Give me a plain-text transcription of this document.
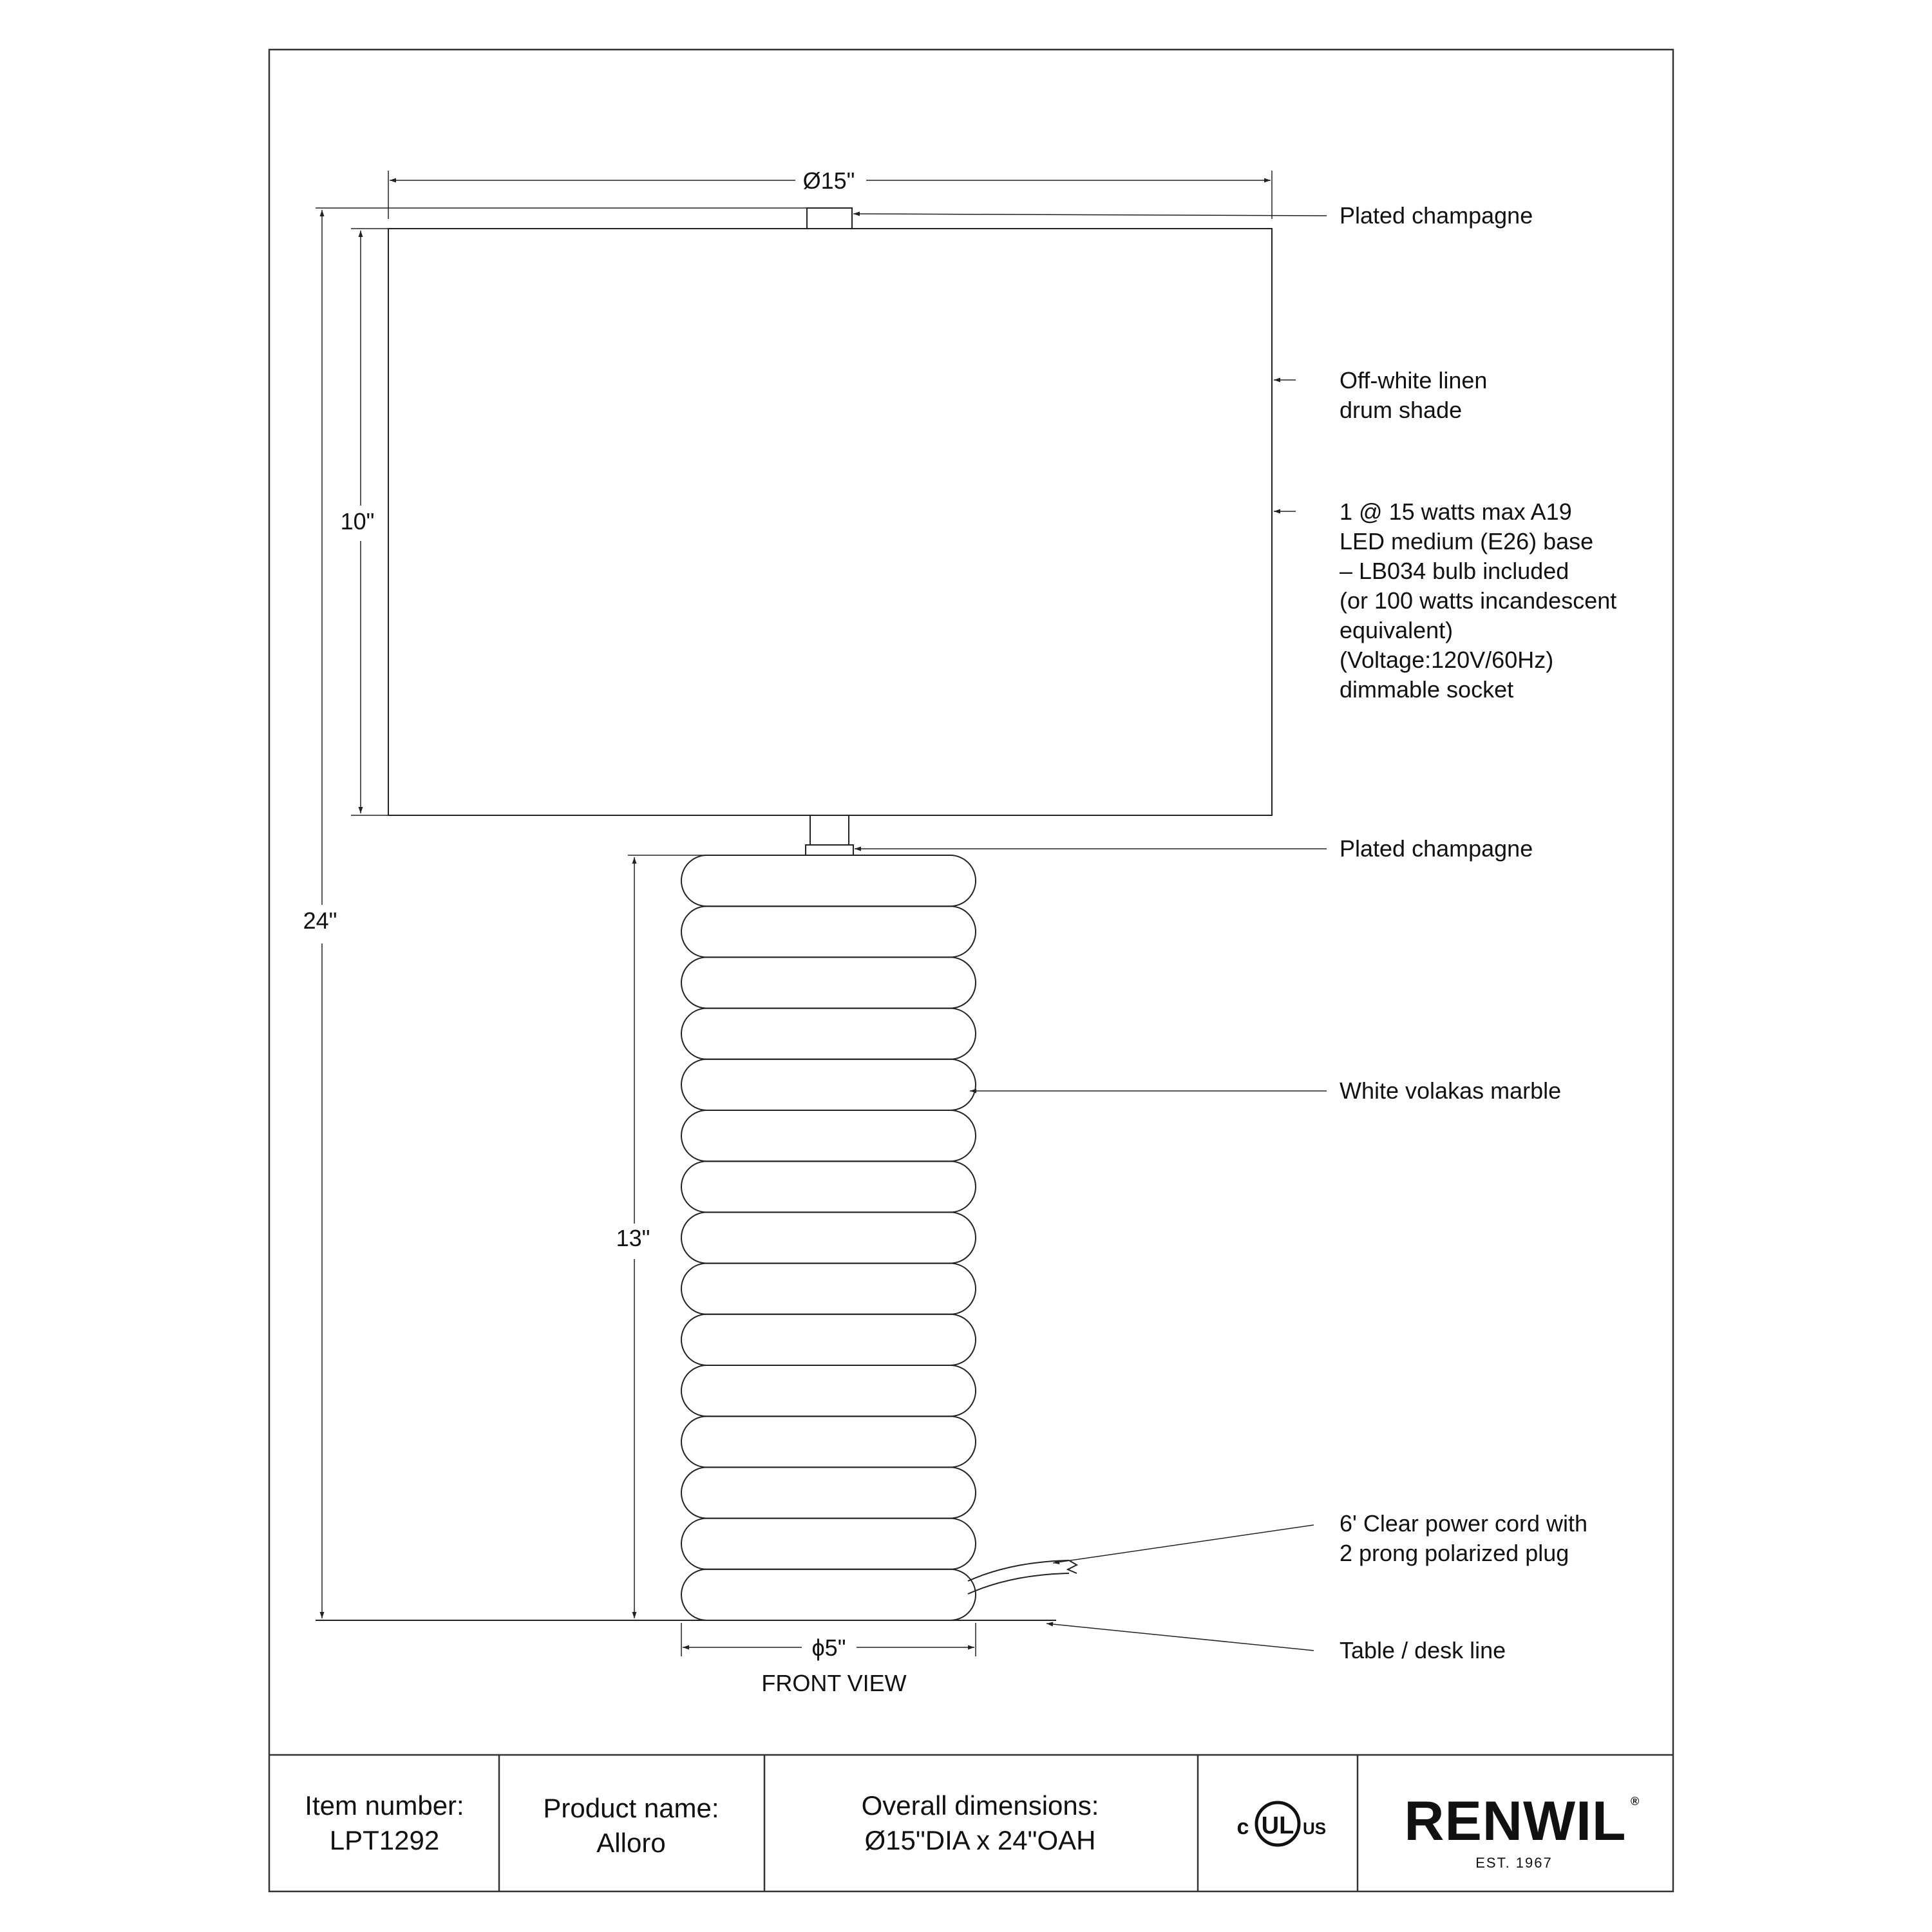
Ø15"
10"
24"
13"
ϕ5"
FRONT VIEW
Plated champagne
Off-white linen
drum shade
1 @ 15 watts max A19
LED medium (E26) base
– LB034 bulb included
(or 100 watts incandescent
equivalent)
(Voltage:120V/60Hz)
dimmable socket
Plated champagne
White volakas marble
6' Clear power cord with
2 prong polarized plug
Table / desk line
Item number:
LPT1292
Product name:
Alloro
Overall dimensions:
Ø15"DIA x 24"OAH	UL
c	US RENWIL ®
EST. 1967
